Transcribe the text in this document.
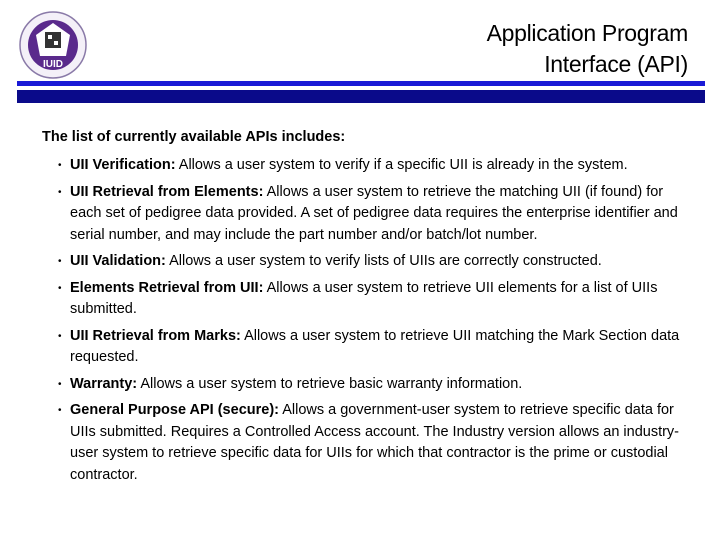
IUID
Application Program
Interface (API)
The list of currently available APIs includes:
• UII Verification: Allows a user system to verify if a specific UII is already in the system.
• UII Retrieval from Elements: Allows a user system to retrieve the matching UII (if found) for each set of pedigree data provided. A set of pedigree data requires the enterprise identifier and serial number, and may include the part number and/or batch/lot number.
• UII Validation: Allows a user system to verify lists of UIIs are correctly constructed.
• Elements Retrieval from UII: Allows a user system to retrieve UII elements for a list of UIIs submitted.
• UII Retrieval from Marks: Allows a user system to retrieve UII matching the Mark Section data requested.
• Warranty: Allows a user system to retrieve basic warranty information.
• General Purpose API (secure): Allows a government-user system to retrieve specific data for UIIs submitted. Requires a Controlled Access account. The Industry version allows an industry-user system to retrieve specific data for UIIs for which that contractor is the prime or custodial contractor.
